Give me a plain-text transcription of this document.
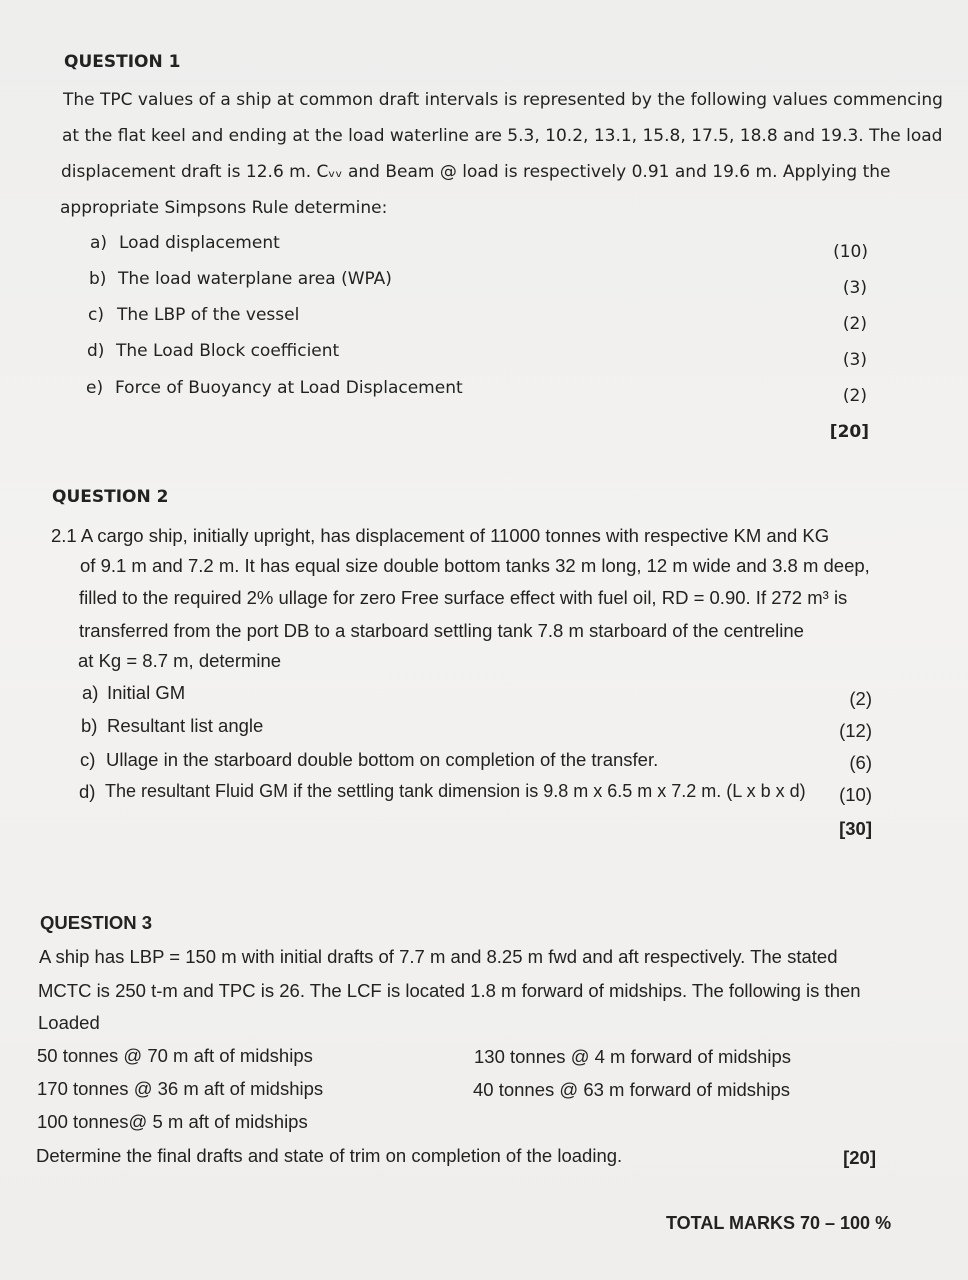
QUESTION 1
The TPC values of a ship at common draft intervals is represented by the following values commencing
at the flat keel and ending at the load waterline are 5.3, 10.2, 13.1, 15.8, 17.5, 18.8 and 19.3. The load
displacement draft is 12.6 m. Cᵥᵥ and Beam @ load is respectively 0.91 and 19.6 m. Applying the
appropriate Simpsons Rule determine:
a) Load displacement	(10)
b) The load waterplane area (WPA)	(3)
c) The LBP of the vessel	(2)
d) The Load Block coefficient	(3)
e) Force of Buoyancy at Load Displacement	(2)
[20]
QUESTION 2
2.1 A cargo ship, initially upright, has displacement of 11000 tonnes with respective KM and KG
of 9.1 m and 7.2 m. It has equal size double bottom tanks 32 m long, 12 m wide and 3.8 m deep,
filled to the required 2% ullage for zero Free surface effect with fuel oil, RD = 0.90. If 272 m³ is
transferred from the port DB to a starboard settling tank 7.8 m starboard of the centreline
at Kg = 8.7 m, determine
a) Initial GM	(2)
b) Resultant list angle	(12)
c) Ullage in the starboard double bottom on completion of the transfer.	(6)
d) The resultant Fluid GM if the settling tank dimension is 9.8 m x 6.5 m x 7.2 m. (L x b x d)	(10)
[30]
QUESTION 3
A ship has LBP = 150 m with initial drafts of 7.7 m and 8.25 m fwd and aft respectively. The stated
MCTC is 250 t-m and TPC is 26. The LCF is located 1.8 m forward of midships. The following is then
Loaded
50 tonnes @ 70 m aft of midships
170 tonnes @ 36 m aft of midships
100 tonnes@ 5 m aft of midships
130 tonnes @ 4 m forward of midships
40 tonnes @ 63 m forward of midships
Determine the final drafts and state of trim on completion of the loading.	[20]
TOTAL MARKS 70 – 100 %
